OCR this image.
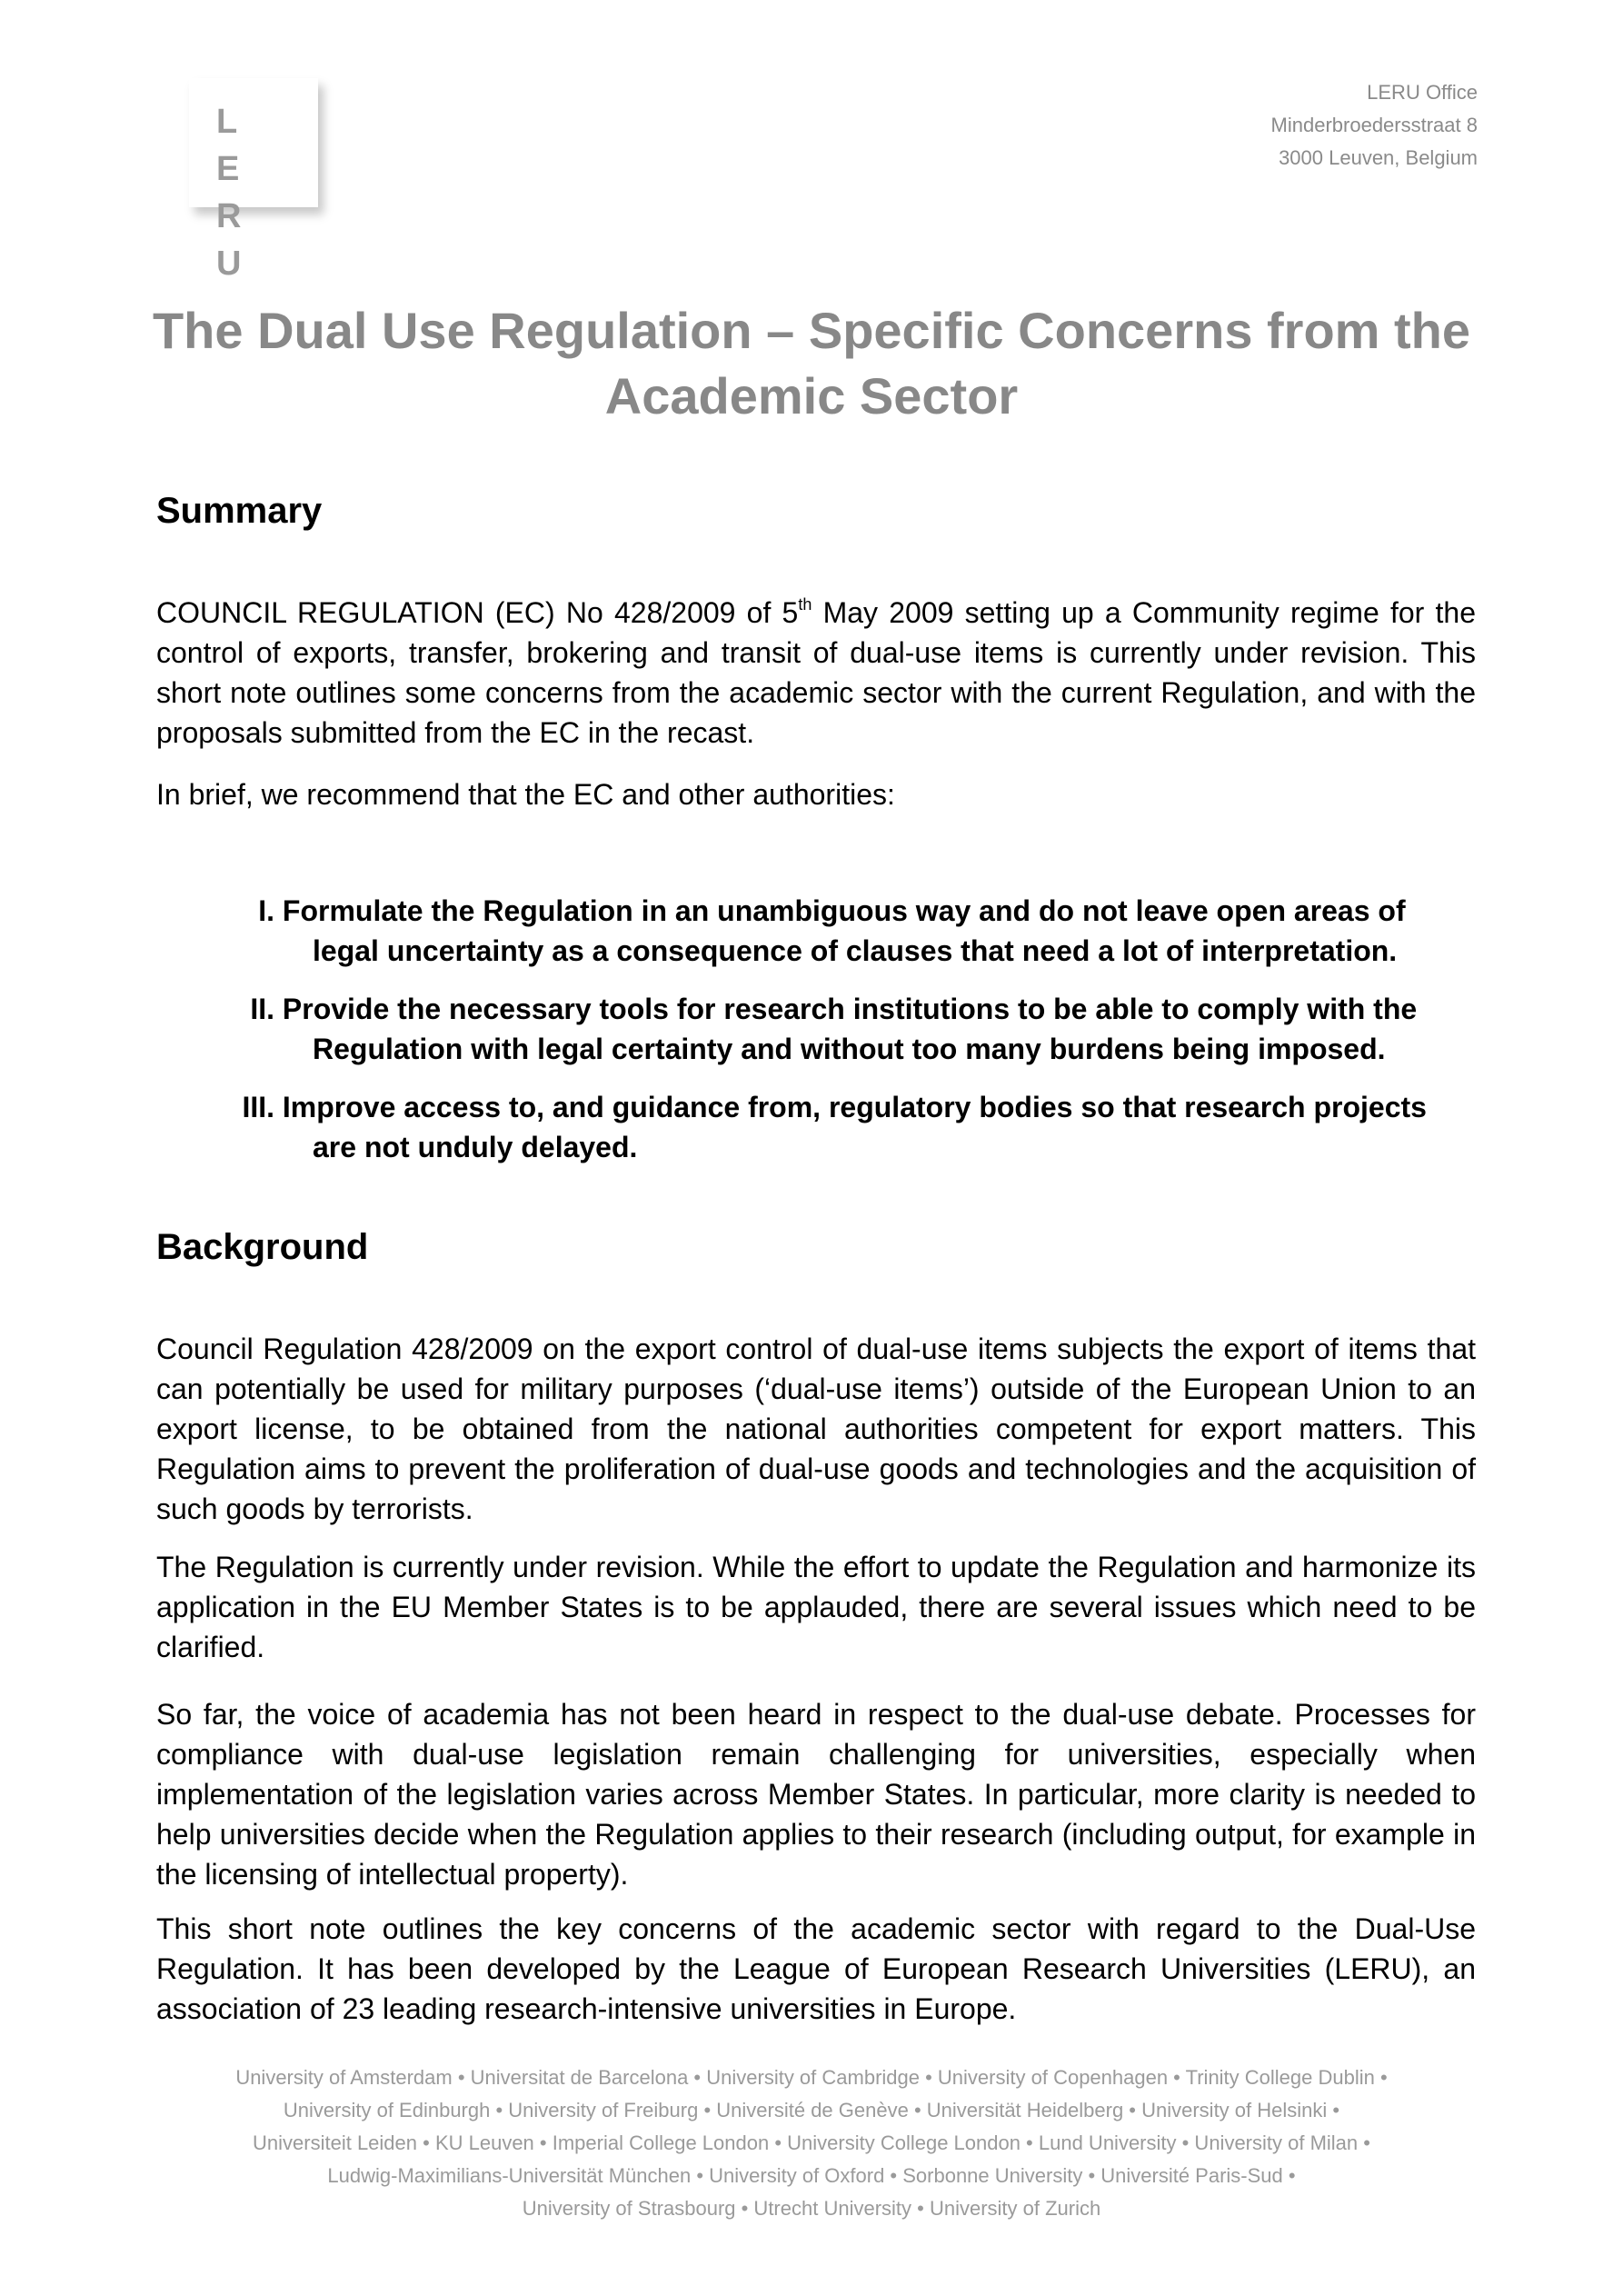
L E R U
LERU Office
Minderbroedersstraat 8
3000 Leuven, Belgium
The Dual Use Regulation – Specific Concerns from the Academic Sector
Summary

COUNCIL REGULATION (EC) No 428/2009 of 5th May 2009 setting up a Community regime for the control of exports, transfer, brokering and transit of dual-use items is currently under revision. This short note outlines some concerns from the academic sector with the current Regulation, and with the proposals submitted from the EC in the recast.

In brief, we recommend that the EC and other authorities:

I. Formulate the Regulation in an unambiguous way and do not leave open areas of
legal uncertainty as a consequence of clauses that need a lot of interpretation.

II. Provide the necessary tools for research institutions to be able to comply with the
Regulation with legal certainty and without too many burdens being imposed.

III. Improve access to, and guidance from, regulatory bodies so that research projects
are not unduly delayed.

Background

Council Regulation 428/2009 on the export control of dual-use items subjects the export of items that can potentially be used for military purposes (‘dual-use items’) outside of the European Union to an export license, to be obtained from the national authorities competent for export matters. This Regulation aims to prevent the proliferation of dual-use goods and technologies and the acquisition of such goods by terrorists.

The Regulation is currently under revision. While the effort to update the Regulation and harmonize its application in the EU Member States is to be applauded, there are several issues which need to be clarified.

So far, the voice of academia has not been heard in respect to the dual-use debate. Processes for compliance with dual-use legislation remain challenging for universities, especially when implementation of the legislation varies across Member States. In particular, more clarity is needed to help universities decide when the Regulation applies to their research (including output, for example in the licensing of intellectual property).

This short note outlines the key concerns of the academic sector with regard to the Dual-Use Regulation. It has been developed by the League of European Research Universities (LERU), an association of 23 leading research-intensive universities in Europe.

University of Amsterdam • Universitat de Barcelona • University of Cambridge • University of Copenhagen • Trinity College Dublin •
University of Edinburgh • University of Freiburg • Université de Genève • Universität Heidelberg • University of Helsinki •
Universiteit Leiden • KU Leuven • Imperial College London • University College London • Lund University • University of Milan •
Ludwig-Maximilians-Universität München • University of Oxford • Sorbonne University • Université Paris-Sud •
University of Strasbourg • Utrecht University • University of Zurich
